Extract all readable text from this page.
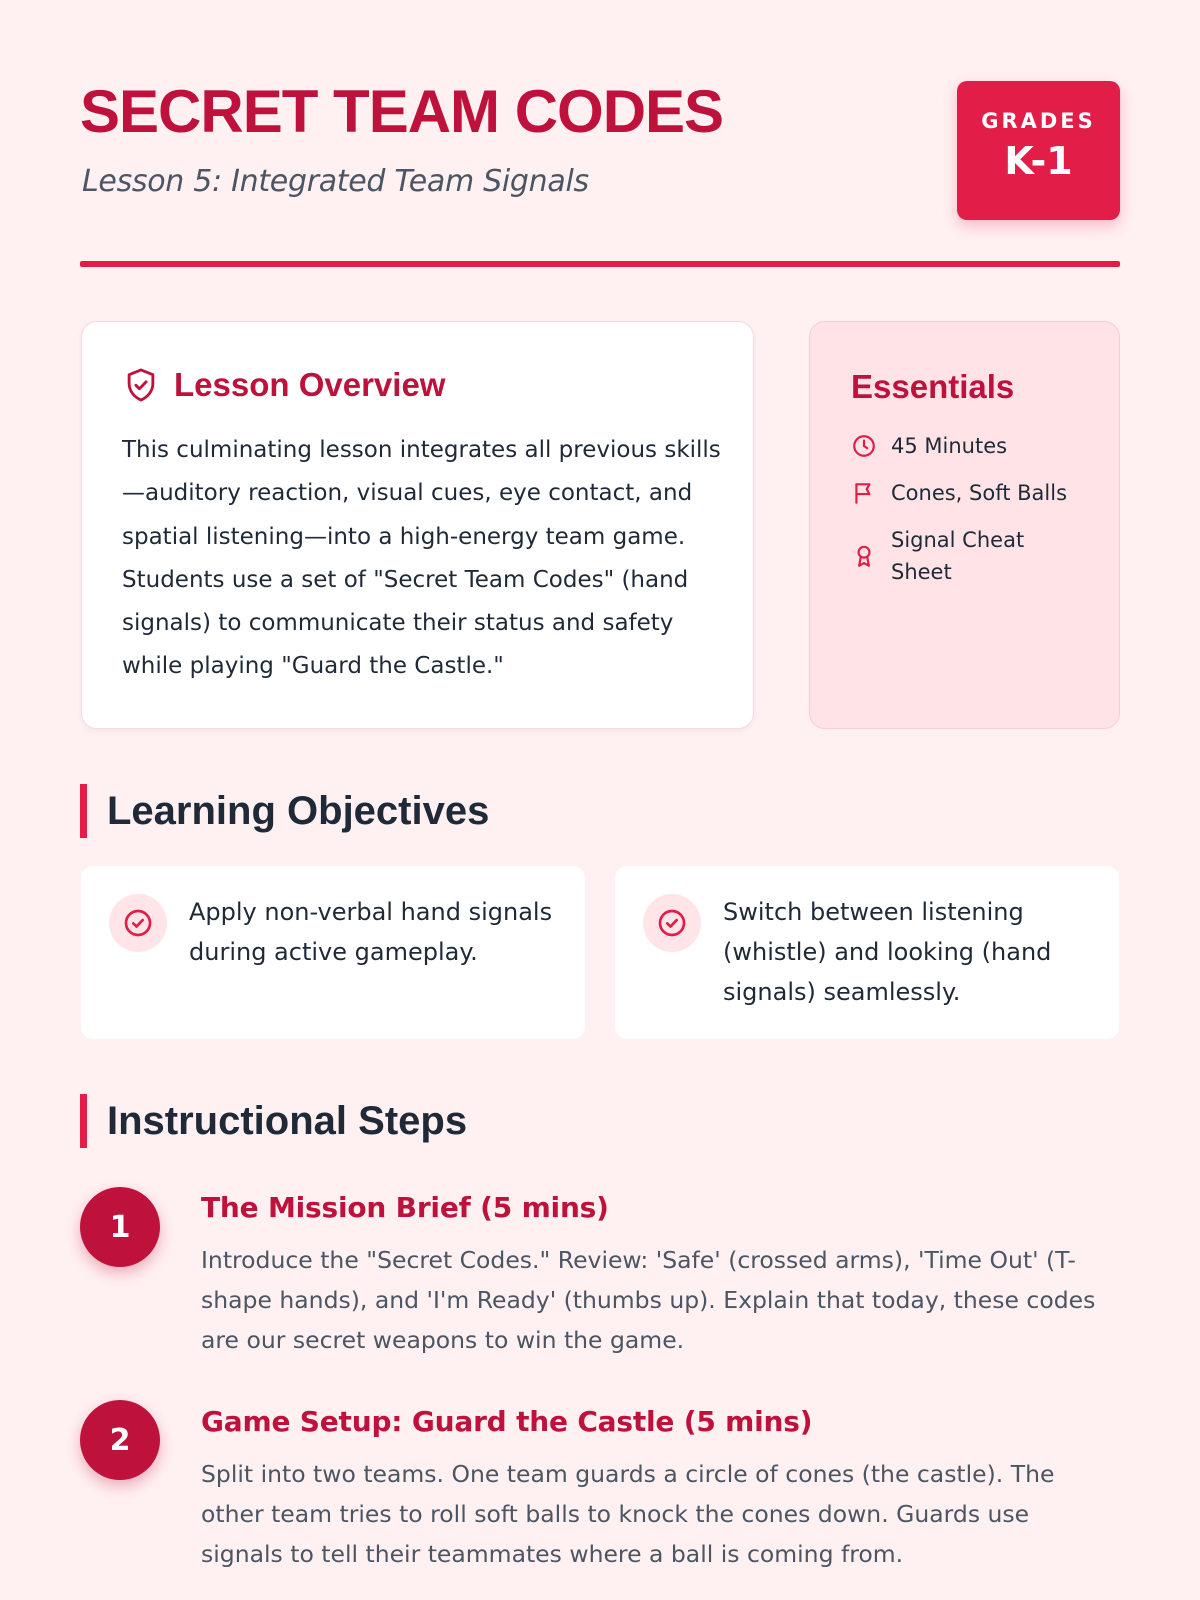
SECRET TEAM CODES
Lesson 5: Integrated Team Signals
GRADES
K-1
Lesson Overview
This culminating lesson integrates all previous skills—auditory reaction, visual cues, eye contact, and spatial listening—into a high-energy team game. Students use a set of "Secret Team Codes" (hand signals) to communicate their status and safety while playing "Guard the Castle."
Essentials
45 Minutes
Cones, Soft Balls
Signal Cheat Sheet
Learning Objectives
Apply non-verbal hand signals during active gameplay.
Switch between listening (whistle) and looking (hand signals) seamlessly.
Instructional Steps
1
The Mission Brief (5 mins)
Introduce the "Secret Codes." Review: 'Safe' (crossed arms), 'Time Out' (T-shape hands), and 'I'm Ready' (thumbs up). Explain that today, these codes are our secret weapons to win the game.
2
Game Setup: Guard the Castle (5 mins)
Split into two teams. One team guards a circle of cones (the castle). The other team tries to roll soft balls to knock the cones down. Guards use signals to tell their teammates where a ball is coming from.
